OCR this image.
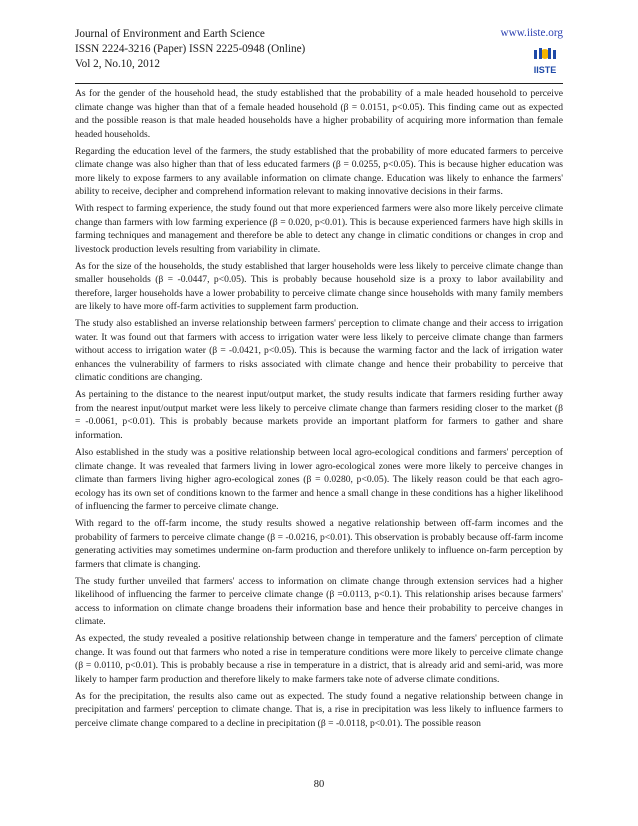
Journal of Environment and Earth Science
ISSN 2224-3216 (Paper) ISSN 2225-0948 (Online)
Vol 2, No.10, 2012
www.iiste.org
IISTE

As for the gender of the household head, the study established that the probability of a male headed household to perceive climate change was higher than that of a female headed household (β = 0.0151, p<0.05). This finding came out as expected and the possible reason is that male headed households have a higher probability of acquiring more information than female headed households.

Regarding the education level of the farmers, the study established that the probability of more educated farmers to perceive climate change was also higher than that of less educated farmers (β = 0.0255, p<0.05). This is because higher education was more likely to expose farmers to any available information on climate change. Education was likely to enhance the farmers' ability to receive, decipher and comprehend information relevant to making innovative decisions in their farms.

With respect to farming experience, the study found out that more experienced farmers were also more likely perceive climate change than farmers with low farming experience (β = 0.020, p<0.01). This is because experienced farmers have high skills in farming techniques and management and therefore be able to detect any change in climatic conditions or changes in crop and livestock production levels resulting from variability in climate.

As for the size of the households, the study established that larger households were less likely to perceive climate change than smaller households (β = -0.0447, p<0.05). This is probably because household size is a proxy to labor availability and therefore, larger households have a lower probability to perceive climate change since households with many family members are likely to have more off-farm activities to supplement farm production.

The study also established an inverse relationship between farmers' perception to climate change and their access to irrigation water. It was found out that farmers with access to irrigation water were less likely to perceive climate change than farmers without access to irrigation water (β = -0.0421, p<0.05). This is because the warming factor and the lack of irrigation water enhances the vulnerability of farmers to risks associated with climate change and hence their probability to perceive that climatic conditions are changing.

As pertaining to the distance to the nearest input/output market, the study results indicate that farmers residing further away from the nearest input/output market were less likely to perceive climate change than farmers residing closer to the market (β = -0.0061, p<0.01). This is probably because markets provide an important platform for farmers to gather and share information.

Also established in the study was a positive relationship between local agro-ecological conditions and farmers' perception of climate change. It was revealed that farmers living in lower agro-ecological zones were more likely to perceive changes in climate than farmers living higher agro-ecological zones (β = 0.0280, p<0.05). The likely reason could be that each agro-ecology has its own set of conditions known to the farmer and hence a small change in these conditions has a higher likelihood of influencing the farmer to perceive climate change.

With regard to the off-farm income, the study results showed a negative relationship between off-farm incomes and the probability of farmers to perceive climate change (β = -0.0216, p<0.01). This observation is probably because off-farm income generating activities may sometimes undermine on-farm production and therefore unlikely to influence on-farm perception by farmers that climate is changing.

The study further unveiled that farmers' access to information on climate change through extension services had a higher likelihood of influencing the farmer to perceive climate change (β =0.0113, p<0.1). This relationship arises because farmers' access to information on climate change broadens their information base and hence their probability to perceive changes in climate.

As expected, the study revealed a positive relationship between change in temperature and the famers' perception of climate change. It was found out that farmers who noted a rise in temperature conditions were more likely to perceive climate change (β = 0.0110, p<0.01). This is probably because a rise in temperature in a district, that is already arid and semi-arid, was more likely to hamper farm production and therefore likely to make farmers take note of adverse climate conditions.

As for the precipitation, the results also came out as expected. The study found a negative relationship between change in precipitation and farmers' perception to climate change. That is, a rise in precipitation was less likely to influence farmers to perceive climate change compared to a decline in precipitation (β = -0.0118, p<0.01). The possible reason

80
